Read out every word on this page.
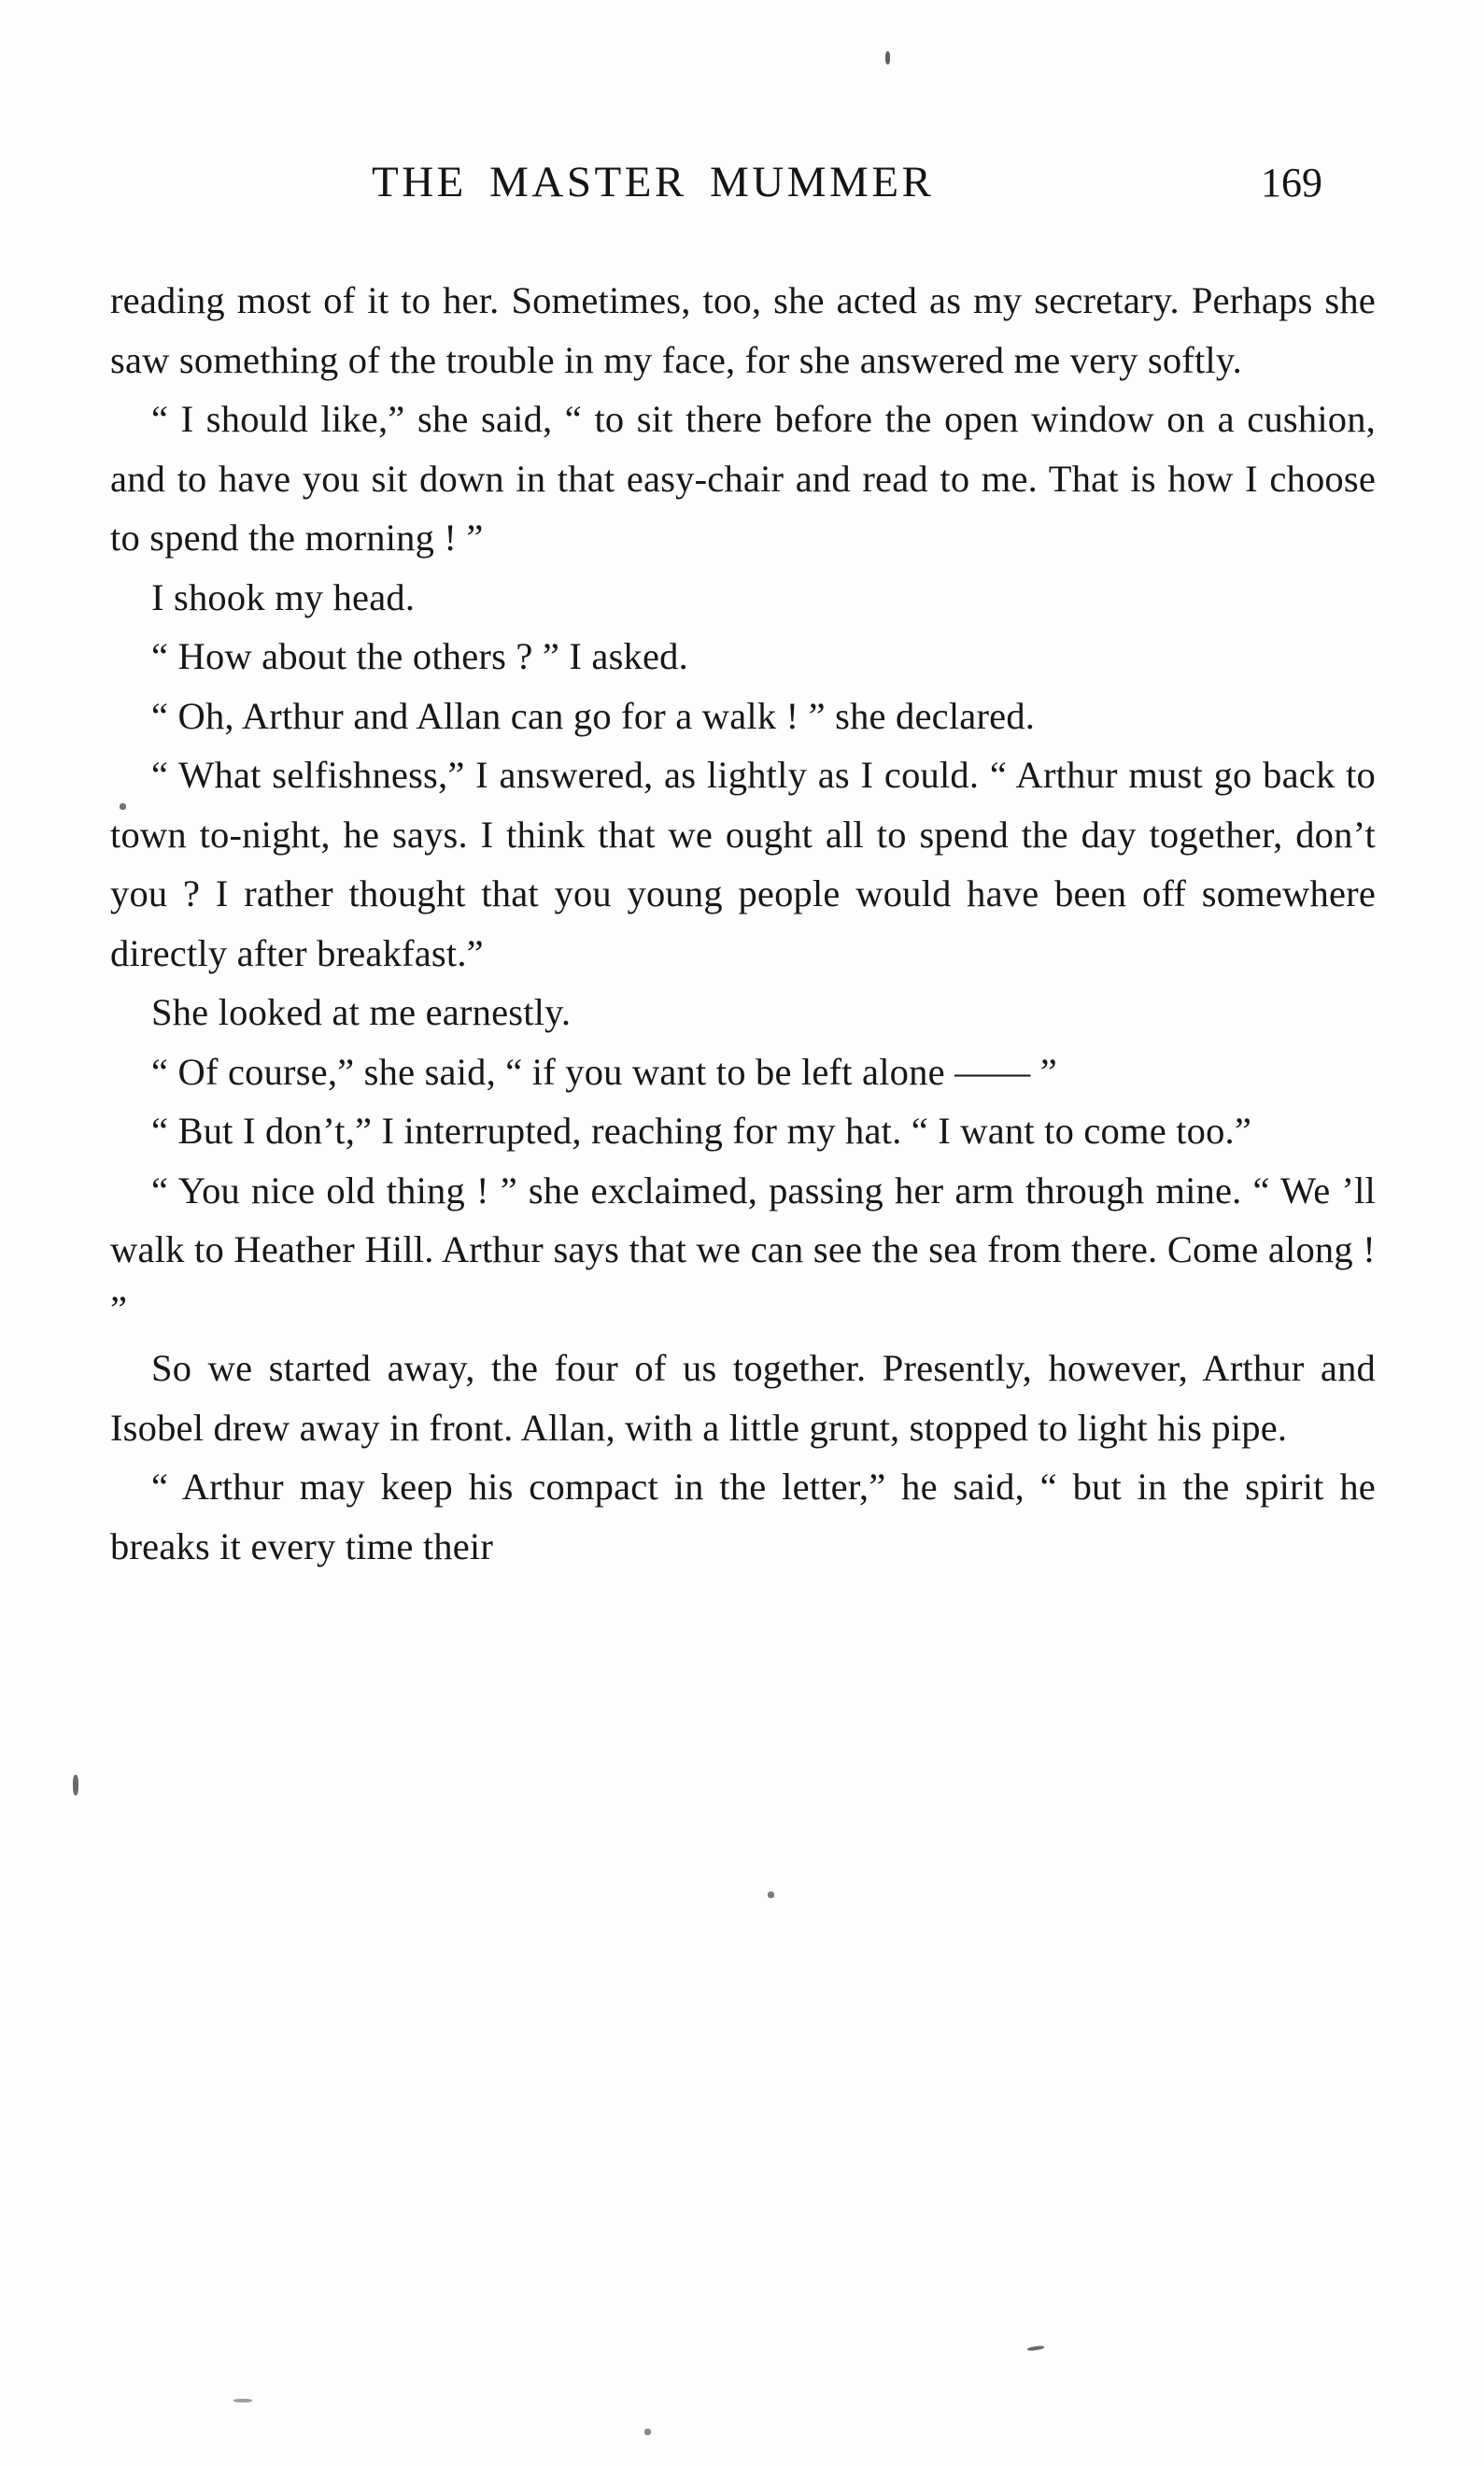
THE MASTER MUMMER	169

reading most of it to her. Sometimes, too, she acted as my secretary. Perhaps she saw something of the trouble in my face, for she answered me very softly.

“ I should like,” she said, “ to sit there before the open window on a cushion, and to have you sit down in that easy-chair and read to me. That is how I choose to spend the morning ! ”

I shook my head.

“ How about the others ? ” I asked.

“ Oh, Arthur and Allan can go for a walk ! ” she declared.

“ What selfishness,” I answered, as lightly as I could. “ Arthur must go back to town to-night, he says. I think that we ought all to spend the day together, don’t you ? I rather thought that you young people would have been off somewhere directly after breakfast.”

She looked at me earnestly.

“ Of course,” she said, “ if you want to be left alone —— ”

“ But I don’t,” I interrupted, reaching for my hat. “ I want to come too.”

“ You nice old thing ! ” she exclaimed, passing her arm through mine. “ We ’ll walk to Heather Hill. Arthur says that we can see the sea from there. Come along ! ”

So we started away, the four of us together. Presently, however, Arthur and Isobel drew away in front. Allan, with a little grunt, stopped to light his pipe.

“ Arthur may keep his compact in the letter,” he said, “ but in the spirit he breaks it every time their
